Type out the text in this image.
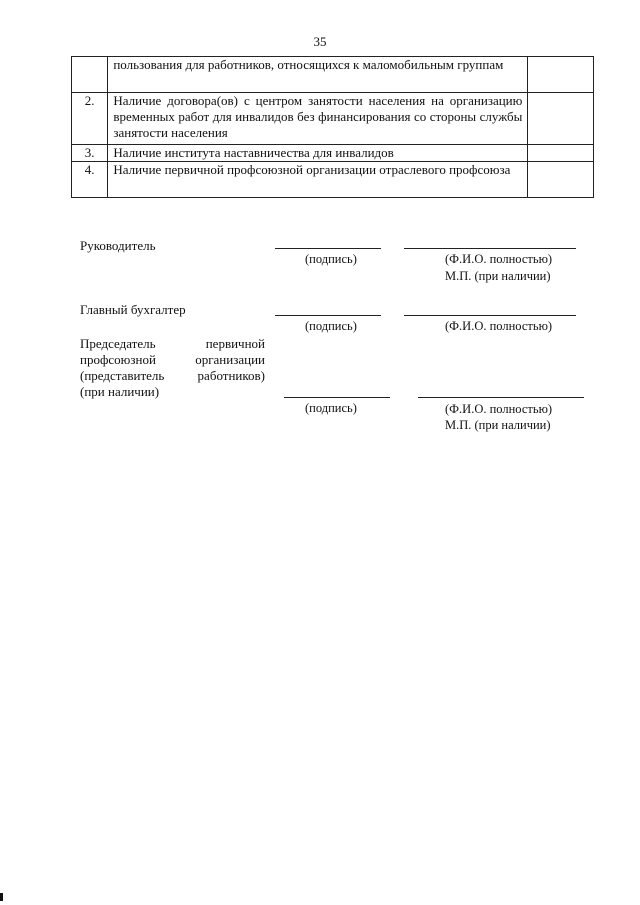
35
	пользования для работников, относящихся к маломобильным группам	
2.	Наличие договора(ов) с центром занятости населения на организацию временных работ для инвалидов без финансирования со стороны службы занятости населения	
3.	Наличие института наставничества для инвалидов	
4.	Наличие первичной профсоюзной организации отраслевого профсоюза	
Руководитель
(подпись)	(Ф.И.О. полностью)
М.П. (при наличии)
Главный бухгалтер
(подпись)	(Ф.И.О. полностью)
Председатель первичной
профсоюзной организации
(представитель работников)
(при наличии)
(подпись)	(Ф.И.О. полностью)
М.П. (при наличии)
